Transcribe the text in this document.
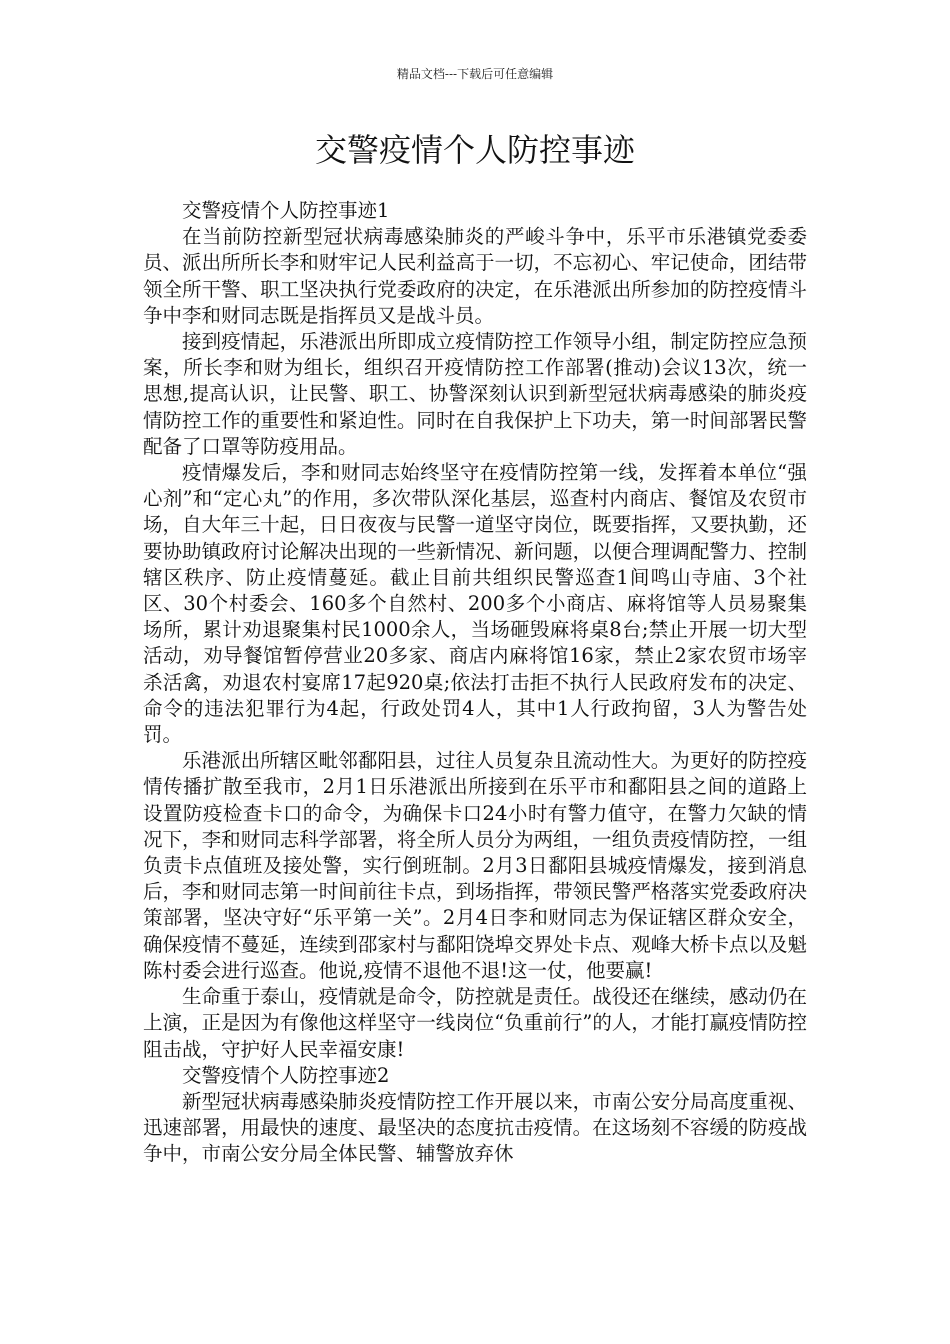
精品文档---下载后可任意编辑
交警疫情个人防控事迹

交警疫情个人防控事迹1

在当前防控新型冠状病毒感染肺炎的严峻斗争中，乐平市乐港镇党委委员、派出所所长李和财牢记人民利益高于一切，不忘初心、牢记使命，团结带领全所干警、职工坚决执行党委政府的决定，在乐港派出所参加的防控疫情斗争中李和财同志既是指挥员又是战斗员。

接到疫情起，乐港派出所即成立疫情防控工作领导小组，制定防控应急预案，所长李和财为组长，组织召开疫情防控工作部署(推动)会议13次，统一思想,提高认识，让民警、职工、协警深刻认识到新型冠状病毒感染的肺炎疫情防控工作的重要性和紧迫性。同时在自我保护上下功夫，第一时间部署民警配备了口罩等防疫用品。

疫情爆发后，李和财同志始终坚守在疫情防控第一线，发挥着本单位“强心剂”和“定心丸”的作用，多次带队深化基层，巡查村内商店、餐馆及农贸市场，自大年三十起，日日夜夜与民警一道坚守岗位，既要指挥，又要执勤，还要协助镇政府讨论解决出现的一些新情况、新问题，以便合理调配警力、控制辖区秩序、防止疫情蔓延。截止目前共组织民警巡查1间鸣山寺庙、3个社区、30个村委会、160多个自然村、200多个小商店、麻将馆等人员易聚集场所，累计劝退聚集村民1000余人，当场砸毁麻将桌8台;禁止开展一切大型活动，劝导餐馆暂停营业20多家、商店内麻将馆16家，禁止2家农贸市场宰杀活禽，劝退农村宴席17起920桌;依法打击拒不执行人民政府发布的决定、命令的违法犯罪行为4起，行政处罚4人，其中1人行政拘留，3人为警告处罚。

乐港派出所辖区毗邻鄱阳县，过往人员复杂且流动性大。为更好的防控疫情传播扩散至我市，2月1日乐港派出所接到在乐平市和鄱阳县之间的道路上设置防疫检查卡口的命令，为确保卡口24小时有警力值守，在警力欠缺的情况下，李和财同志科学部署，将全所人员分为两组，一组负责疫情防控，一组负责卡点值班及接处警，实行倒班制。2月3日鄱阳县城疫情爆发，接到消息后，李和财同志第一时间前往卡点，到场指挥，带领民警严格落实党委政府决策部署，坚决守好“乐平第一关”。2月4日李和财同志为保证辖区群众安全，确保疫情不蔓延，连续到邵家村与鄱阳饶埠交界处卡点、观峰大桥卡点以及魁陈村委会进行巡查。他说,疫情不退他不退!这一仗，他要赢!

生命重于泰山，疫情就是命令，防控就是责任。战役还在继续，感动仍在上演，正是因为有像他这样坚守一线岗位“负重前行”的人，才能打赢疫情防控阻击战，守护好人民幸福安康!

交警疫情个人防控事迹2

新型冠状病毒感染肺炎疫情防控工作开展以来，市南公安分局高度重视、迅速部署，用最快的速度、最坚决的态度抗击疫情。在这场刻不容缓的防疫战争中，市南公安分局全体民警、辅警放弃休
